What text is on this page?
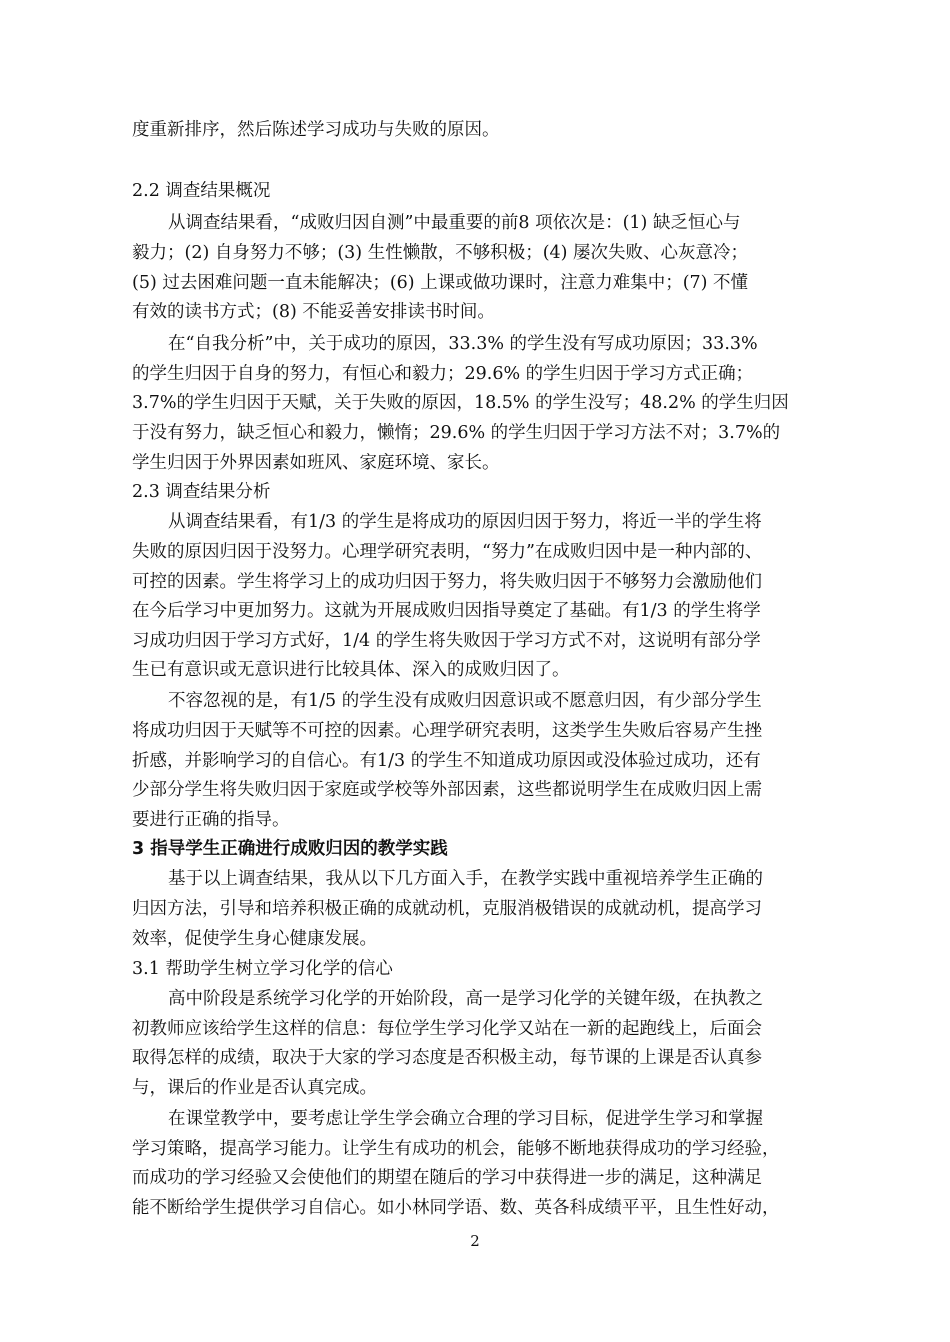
度重新排序，然后陈述学习成功与失败的原因。
2.2 调查结果概况
从调查结果看，“成败归因自测”中最重要的前8 项依次是：(1) 缺乏恒心与
毅力；(2) 自身努力不够；(3) 生性懒散，不够积极；(4) 屡次失败、心灰意冷；
(5) 过去困难问题一直未能解决；(6) 上课或做功课时，注意力难集中；(7) 不懂
有效的读书方式；(8) 不能妥善安排读书时间。
在“自我分析”中，关于成功的原因，33.3% 的学生没有写成功原因；33.3%
的学生归因于自身的努力，有恒心和毅力；29.6% 的学生归因于学习方式正确；
3.7%的学生归因于天赋，关于失败的原因，18.5% 的学生没写；48.2% 的学生归因
于没有努力，缺乏恒心和毅力，懒惰；29.6% 的学生归因于学习方法不对；3.7%的
学生归因于外界因素如班风、家庭环境、家长。
2.3 调查结果分析
从调查结果看，有1/3 的学生是将成功的原因归因于努力，将近一半的学生将
失败的原因归因于没努力。心理学研究表明，“努力”在成败归因中是一种内部的、
可控的因素。学生将学习上的成功归因于努力，将失败归因于不够努力会激励他们
在今后学习中更加努力。这就为开展成败归因指导奠定了基础。有1/3 的学生将学
习成功归因于学习方式好，1/4 的学生将失败因于学习方式不对，这说明有部分学
生已有意识或无意识进行比较具体、深入的成败归因了。
不容忽视的是，有1/5 的学生没有成败归因意识或不愿意归因，有少部分学生
将成功归因于天赋等不可控的因素。心理学研究表明，这类学生失败后容易产生挫
折感，并影响学习的自信心。有1/3 的学生不知道成功原因或没体验过成功，还有
少部分学生将失败归因于家庭或学校等外部因素，这些都说明学生在成败归因上需
要进行正确的指导。
3 指导学生正确进行成败归因的教学实践
基于以上调查结果，我从以下几方面入手，在教学实践中重视培养学生正确的
归因方法，引导和培养积极正确的成就动机，克服消极错误的成就动机，提高学习
效率，促使学生身心健康发展。
3.1 帮助学生树立学习化学的信心
高中阶段是系统学习化学的开始阶段，高一是学习化学的关键年级，在执教之
初教师应该给学生这样的信息：每位学生学习化学又站在一新的起跑线上，后面会
取得怎样的成绩，取决于大家的学习态度是否积极主动，每节课的上课是否认真参
与，课后的作业是否认真完成。
在课堂教学中，要考虑让学生学会确立合理的学习目标，促进学生学习和掌握
学习策略，提高学习能力。让学生有成功的机会，能够不断地获得成功的学习经验，
而成功的学习经验又会使他们的期望在随后的学习中获得进一步的满足，这种满足
能不断给学生提供学习自信心。如小林同学语、数、英各科成绩平平，且生性好动，
2
